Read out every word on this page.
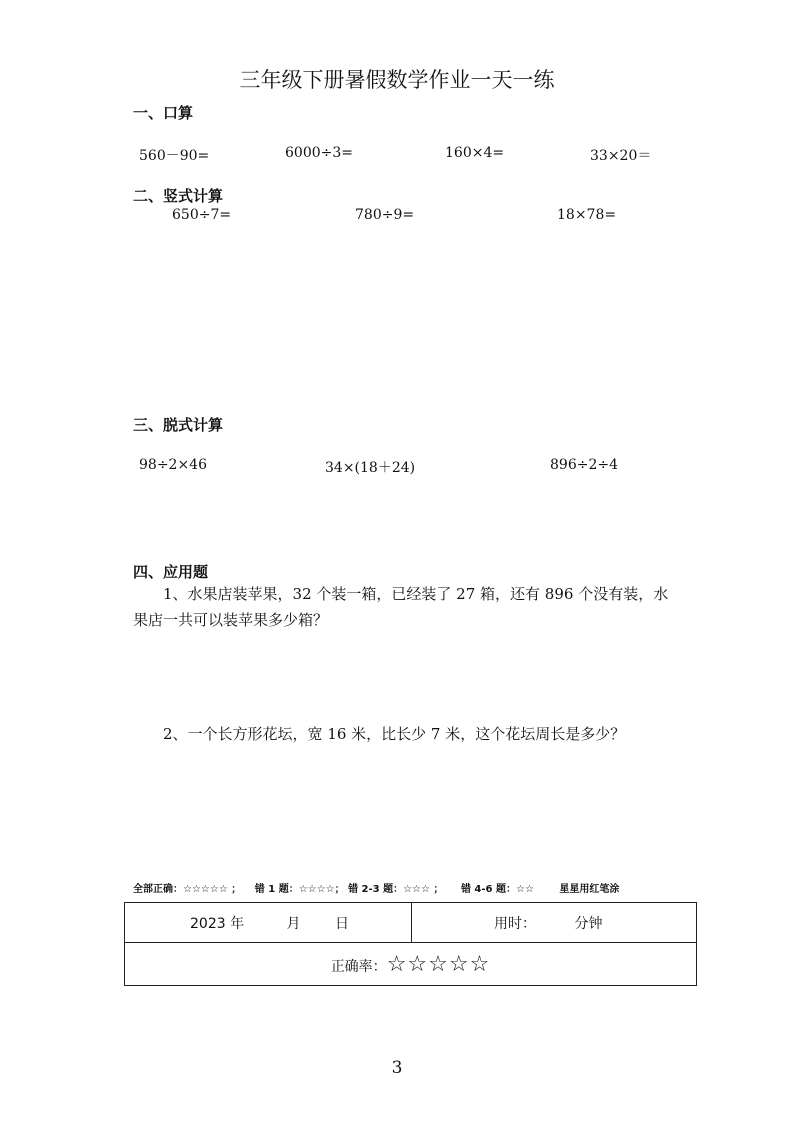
三年级下册暑假数学作业一天一练
一、口算
560－90=	6000÷3=	160×4=	33×20＝
二、竖式计算
650÷7=	780÷9=	18×78=
三、脱式计算
98÷2×46	34×(18＋24)	896÷2÷4
四、应用题
1、水果店装苹果，32 个装一箱，已经装了 27 箱，还有 896 个没有装，水
果店一共可以装苹果多少箱？
2、一个长方形花坛，宽 16 米，比长少 7 米，这个花坛周长是多少？
全部正确：☆☆☆☆☆ ； 错 1 题：☆☆☆☆； 错 2-3 题：☆☆☆ ； 错 4-6 题：☆☆	星星用红笔涂
2023 年	月 日	用时：	分钟
正确率：☆☆☆☆☆
3
